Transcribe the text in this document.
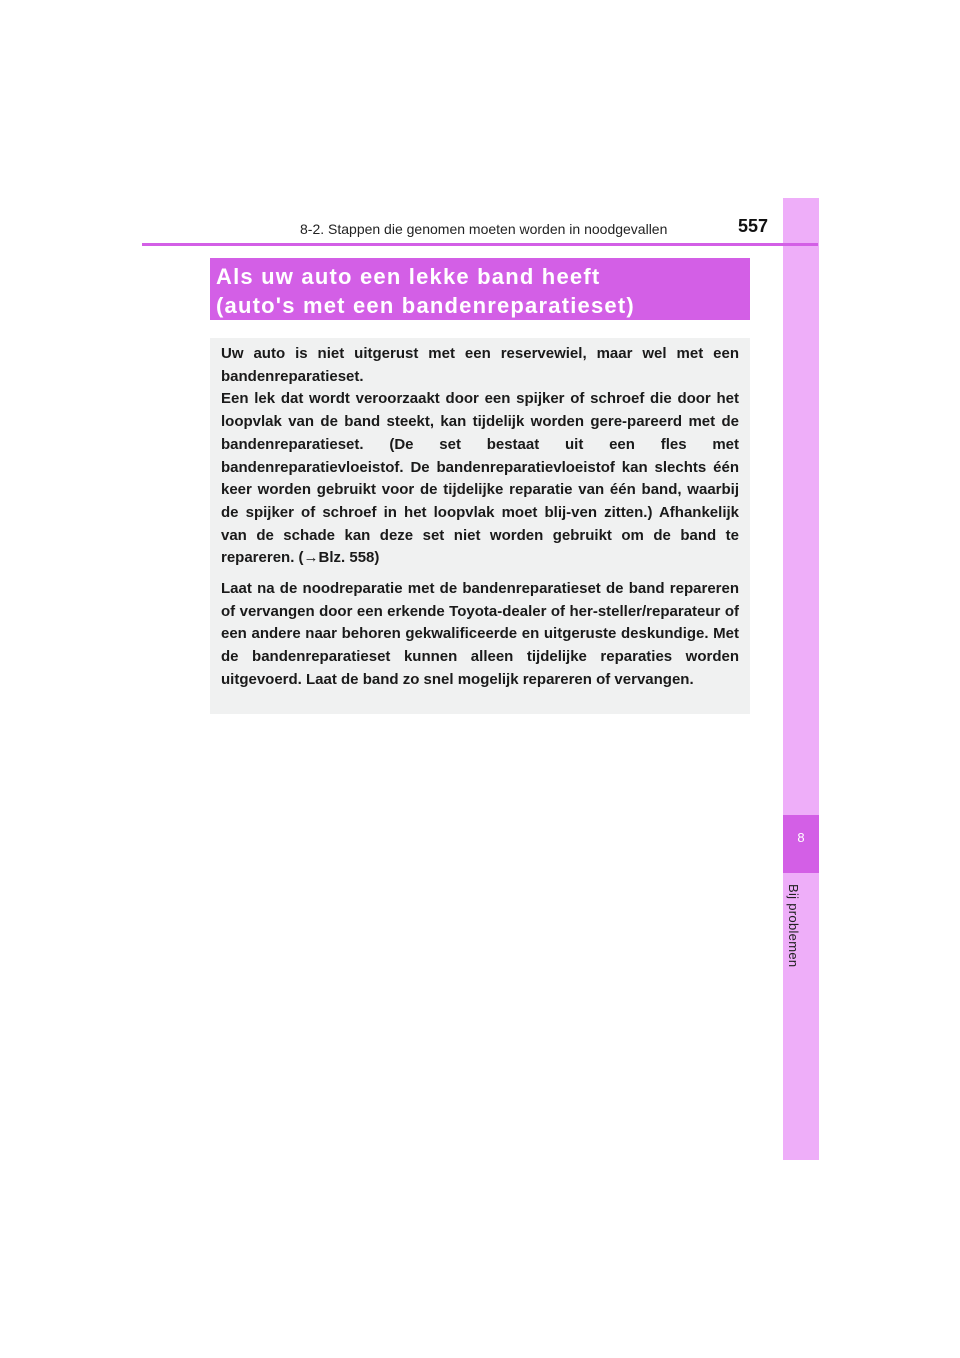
8
Bij problemen
8-2. Stappen die genomen moeten worden in noodgevallen	557
Als uw auto een lekke band heeft
(auto's met een bandenreparatieset)

Uw auto is niet uitgerust met een reservewiel, maar wel met een bandenreparatieset.

Een lek dat wordt veroorzaakt door een spijker of schroef die door het loopvlak van de band steekt, kan tijdelijk worden gere-pareerd met de bandenreparatieset. (De set bestaat uit een fles met bandenreparatievloeistof. De bandenreparatievloeistof kan slechts één keer worden gebruikt voor de tijdelijke reparatie van één band, waarbij de spijker of schroef in het loopvlak moet blij-ven zitten.) Afhankelijk van de schade kan deze set niet worden gebruikt om de band te repareren. (→Blz. 558)

Laat na de noodreparatie met de bandenreparatieset de band repareren of vervangen door een erkende Toyota-dealer of her-steller/reparateur of een andere naar behoren gekwalificeerde en uitgeruste deskundige. Met de bandenreparatieset kunnen alleen tijdelijke reparaties worden uitgevoerd. Laat de band zo snel mogelijk repareren of vervangen.
